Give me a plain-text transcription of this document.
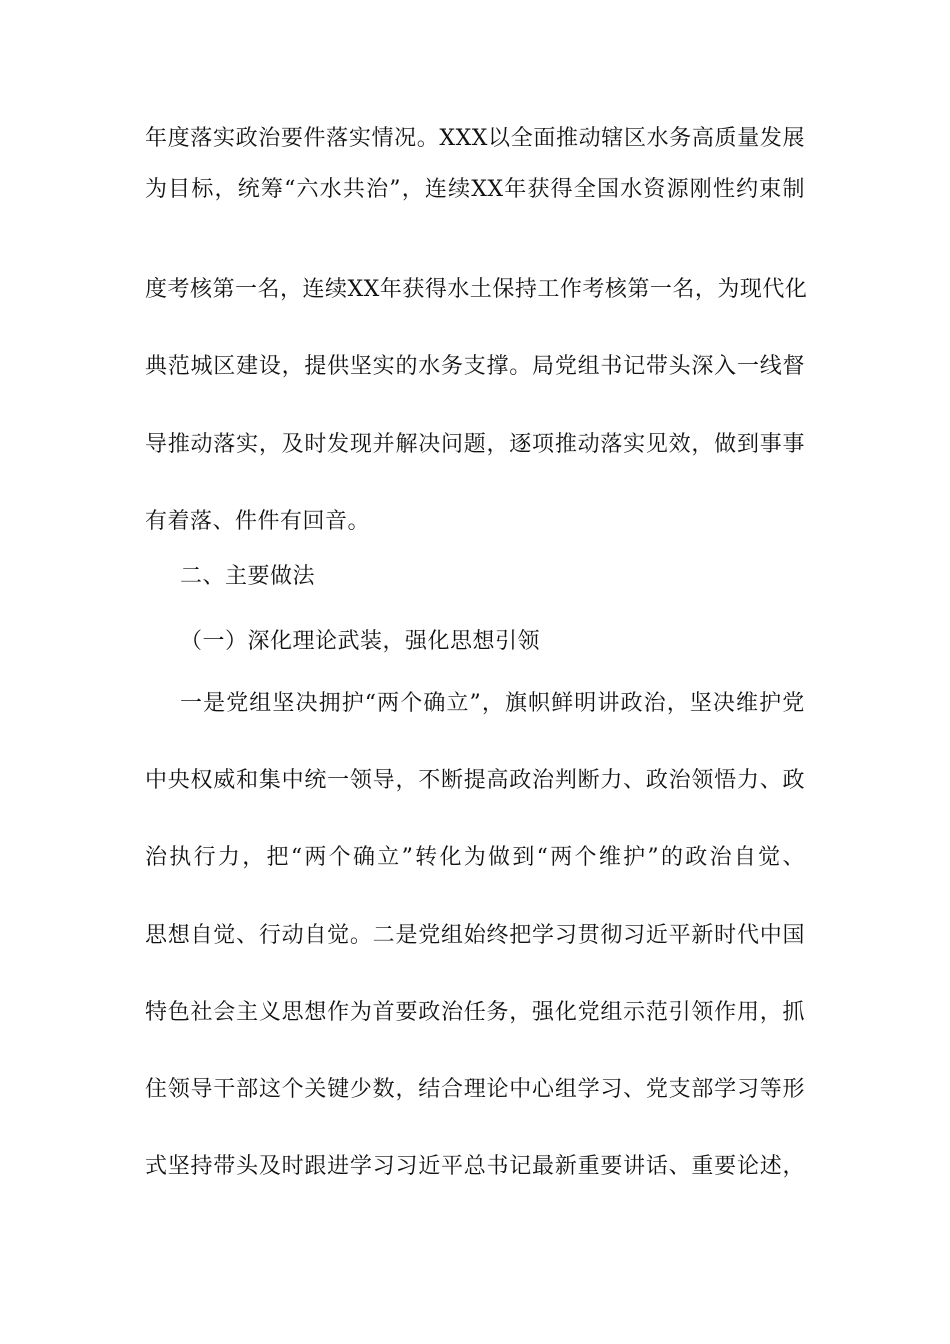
年度落实政治要件落实情况。XXX以全面推动辖区水务高质量发展
为目标，统筹“六水共治”，连续XX年获得全国水资源刚性约束制
度考核第一名，连续XX年获得水土保持工作考核第一名，为现代化
典范城区建设，提供坚实的水务支撑。局党组书记带头深入一线督
导推动落实，及时发现并解决问题，逐项推动落实见效，做到事事
有着落、件件有回音。
二、主要做法
（一）深化理论武装，强化思想引领
一是党组坚决拥护“两个确立”，旗帜鲜明讲政治，坚决维护党
中央权威和集中统一领导，不断提高政治判断力、政治领悟力、政
治执行力，把“两个确立”转化为做到“两个维护”的政治自觉、
思想自觉、行动自觉。二是党组始终把学习贯彻习近平新时代中国
特色社会主义思想作为首要政治任务，强化党组示范引领作用，抓
住领导干部这个关键少数，结合理论中心组学习、党支部学习等形
式坚持带头及时跟进学习习近平总书记最新重要讲话、重要论述，
